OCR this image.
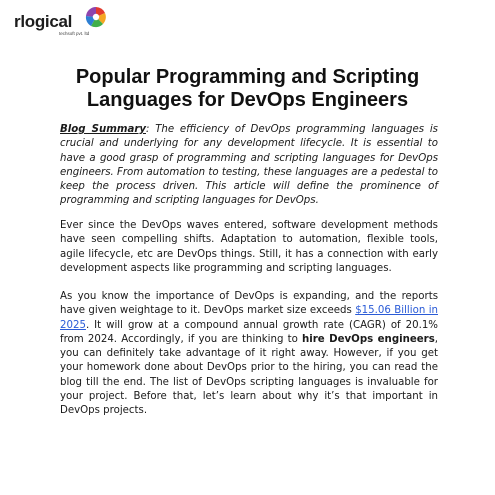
rlogical
techsoft pvt. ltd
Popular Programming and Scripting
Languages for DevOps Engineers

Blog Summary: The efficiency of DevOps programming languages is crucial and underlying for any development lifecycle. It is essential to have a good grasp of programming and scripting languages for DevOps engineers. From automation to testing, these languages are a pedestal to keep the process driven. This article will define the prominence of programming and scripting languages for DevOps.

Ever since the DevOps waves entered, software development methods have seen compelling shifts. Adaptation to automation, flexible tools, agile lifecycle, etc are DevOps things. Still, it has a connection with early development aspects like programming and scripting languages.

As you know the importance of DevOps is expanding, and the reports have given weightage to it. DevOps market size exceeds $15.06 Billion in 2025. It will grow at a compound annual growth rate (CAGR) of 20.1% from 2024. Accordingly, if you are thinking to hire DevOps engineers, you can definitely take advantage of it right away. However, if you get your homework done about DevOps prior to the hiring, you can read the blog till the end. The list of DevOps scripting languages is invaluable for your project. Before that, let’s learn about why it’s that important in DevOps projects.
